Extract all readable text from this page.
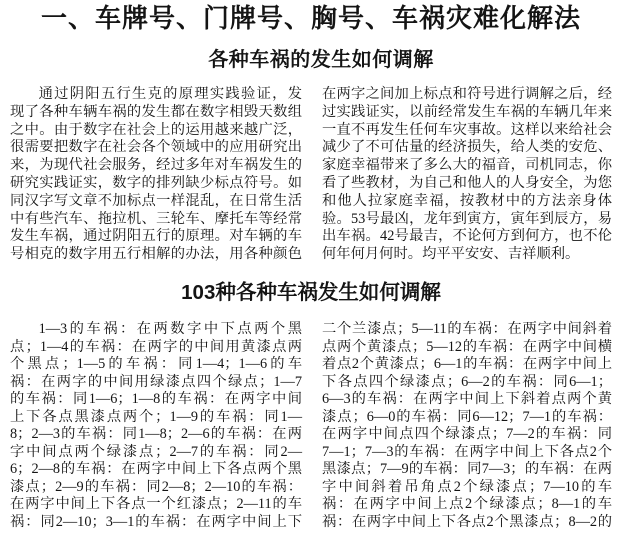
一、车牌号、门牌号、胸号、车祸灾难化解法
各种车祸的发生如何调解
通过阴阳五行生克的原理实践验证，发
现了各种车辆车祸的发生都在数字相毁天数组
之中。由于数字在社会上的运用越来越广泛，
很需要把数字在社会各个领域中的应用研究出
来，为现代社会服务，经过多年对车祸发生的
研究实践证实，数字的排列缺少标点符号。如
同汉字写文章不加标点一样混乱，在日常生活
中有些汽车、拖拉机、三轮车、摩托车等经常
发生车祸，通过阴阳五行的原理。对车辆的车
号相克的数字用五行相解的办法，用各种颜色
在两字之间加上标点和符号进行调解之后，经
过实践证实，以前经常发生车祸的车辆几年来
一直不再发生任何车灾事故。这样以来给社会
减少了不可估量的经济损失，给人类的安危、
家庭幸福带来了多么大的福音，司机同志，你
看了些教材，为自己和他人的人身安全，为您
和他人拉家庭幸福，按教材中的方法亲身体
验。53号最凶，龙年到寅方，寅年到辰方，易
出车祸。42号最吉，不论何方到何方，也不伦
何年何月何时。均平平安安、吉祥顺利。
103种各种车祸发生如何调解
1—3的车祸：在两数字中下点两个黑
点；1—4的车祸：在两字的中间用黄漆点两
个黑点；1—5的车祸：同1—4；1—6的车
祸：在两字的中间用绿漆点四个绿点；1—7
的车祸：同1—6；1—8的车祸：在两字中间
上下各点黑漆点两个；1—9的车祸：同1—
8；2—3的车祸：同1—8；2—6的车祸：在两
字中间点两个绿漆点；2—7的车祸：同2—
6；2—8的车祸：在两字中间上下各点两个黑
漆点；2—9的车祸：同2—8；2—10的车祸：
在两字中间上下各点一个红漆点；2—11的车
祸：同2—10；3—1的车祸：在两字中间上下
二个兰漆点；5—11的车祸：在两字中间斜着
点两个黄漆点；5—12的车祸：在两字中间横
着点2个黄漆点；6—1的车祸：在两字中间上
下各点四个绿漆点；6—2的车祸：同6—1；
6—3的车祸：在两字中间上下斜着点两个黄
漆点；6—0的车祸：同6—12；7—1的车祸：
在两字中间点四个绿漆点；7—2的车祸：同
7—1；7—3的车祸：在两字中间上下各点2个
黑漆点；7—9的车祸：同7—3；的车祸：在两
字中间斜着吊角点2个绿漆点；7—10的车
祸：在两字中间上点2个绿漆点；8—1的车
祸：在两字中间上下各点2个黑漆点；8—2的
